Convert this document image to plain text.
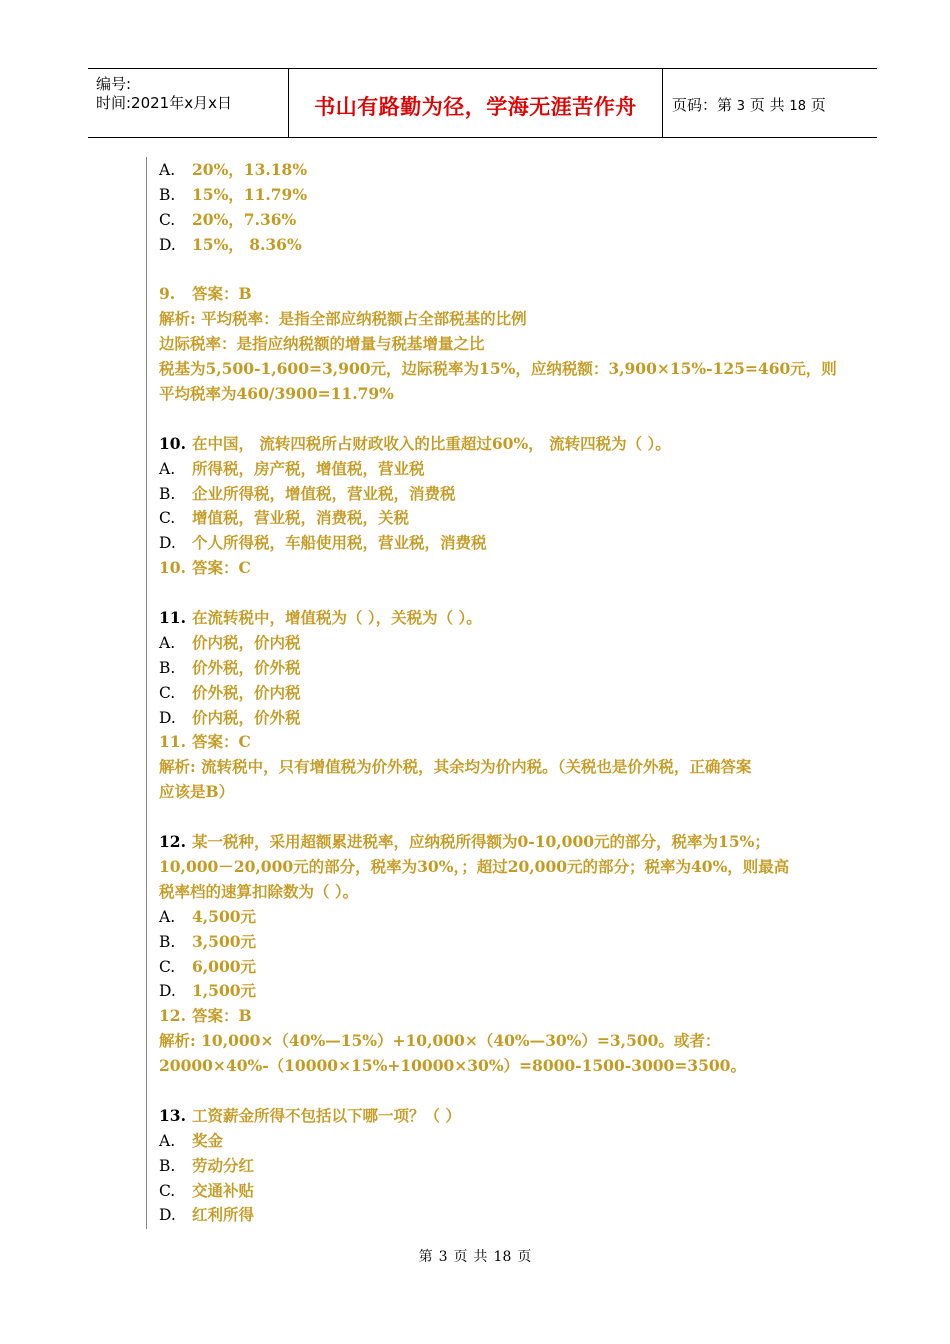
编号:
时间:2021年x月x日	书山有路勤为径，学海无涯苦作舟	页码：第 3 页 共 18 页
A. 20%，13.18%
B. 15%，11.79%
C. 20%，7.36%
D. 15%， 8.36%
9. 答案：B
解析: 平均税率：是指全部应纳税额占全部税基的比例
边际税率：是指应纳税额的增量与税基增量之比
税基为5,500-1,600=3,900元，边际税率为15%，应纳税额：3,900×15%-125=460元，则
平均税率为460/3900=11.79%
10. 在中国， 流转四税所占财政收入的比重超过60%， 流转四税为（ ）。
A. 所得税，房产税，增值税，营业税
B. 企业所得税，增值税，营业税，消费税
C. 增值税，营业税，消费税，关税
D. 个人所得税，车船使用税，营业税，消费税
10. 答案：C
11. 在流转税中，增值税为（ ），关税为（ ）。
A. 价内税，价内税
B. 价外税，价外税
C. 价外税，价内税
D. 价内税，价外税
11. 答案：C
解析: 流转税中，只有增值税为价外税，其余均为价内税。（关税也是价外税，正确答案
应该是B）
12. 某一税种，采用超额累进税率，应纳税所得额为0-10,000元的部分，税率为15%；
10,000－20,000元的部分，税率为30%，；超过20,000元的部分；税率为40%，则最高
税率档的速算扣除数为（ ）。
A. 4,500元
B. 3,500元
C. 6,000元
D. 1,500元
12. 答案：B
解析: 10,000×（40%—15%）+10,000×（40%—30%）=3,500。或者：
20000×40%-（10000×15%+10000×30%）=8000-1500-3000=3500。
13. 工资薪金所得不包括以下哪一项？（ ）
A. 奖金
B. 劳动分红
C. 交通补贴
D. 红利所得
第 3 页 共 18 页
